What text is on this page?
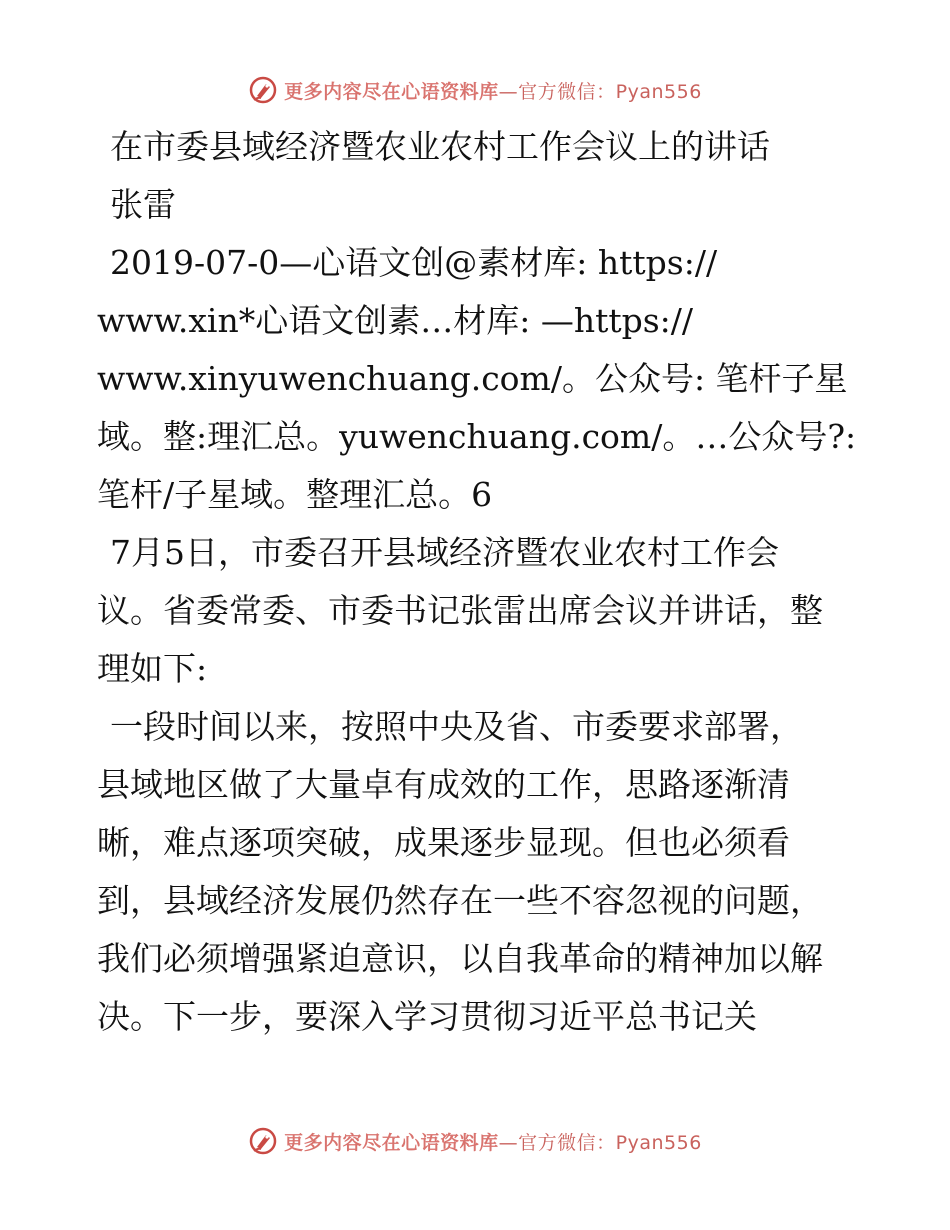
更多内容尽在心语资料库—官方微信：Pyan556
在市委县域经济暨农业农村工作会议上的讲话
张雷
2019-07-0—心语文创@素材库: https://
www.xin*心语文创素…材库: —https://
www.xinyuwenchuang.com/。公众号: 笔杆子星
域。整:理汇总。yuwenchuang.com/。…公众号?:
笔杆/子星域。整理汇总。6
7月5日，市委召开县域经济暨农业农村工作会
议。省委常委、市委书记张雷出席会议并讲话，整
理如下:
一段时间以来，按照中央及省、市委要求部署，
县域地区做了大量卓有成效的工作，思路逐渐清
晰，难点逐项突破，成果逐步显现。但也必须看
到，县域经济发展仍然存在一些不容忽视的问题，
我们必须增强紧迫意识，以自我革命的精神加以解
决。下一步，要深入学习贯彻习近平总书记关
更多内容尽在心语资料库—官方微信：Pyan556
